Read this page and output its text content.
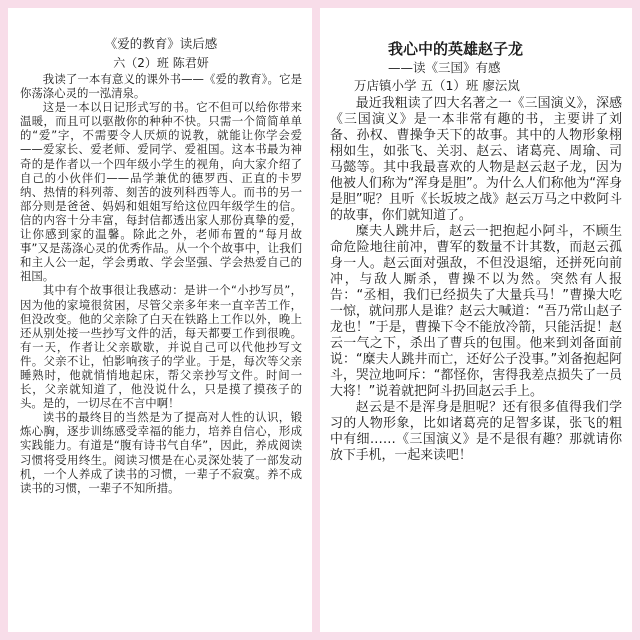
《爱的教育》读后感
六（2）班 陈君妍

我读了一本有意义的课外书——《爱的教育》。它是你荡涤心灵的一泓清泉。

这是一本以日记形式写的书。它不但可以给你带来温暖，而且可以驱散你的种种不快。只需一个简简单单的“爱”字，不需要令人厌烦的说教，就能让你学会爱——爱家长、爱老师、爱同学、爱祖国。这本书最为神奇的是作者以一个四年级小学生的视角，向大家介绍了自己的小伙伴们——品学兼优的德罗西、正直的卡罗纳、热情的科列蒂、刻苦的波列科西等人。而书的另一部分则是爸爸、妈妈和姐姐写给这位四年级学生的信。信的内容十分丰富，每封信都透出家人那份真挚的爱，让你感到家的温馨。除此之外，老师布置的“每月故事”又是荡涤心灵的优秀作品。从一个个故事中，让我们和主人公一起，学会勇敢、学会坚强、学会热爱自己的祖国。

其中有个故事很让我感动：是讲一个“小抄写员”，因为他的家境很贫困，尽管父亲多年来一直辛苦工作，但没改变。他的父亲除了白天在铁路上工作以外，晚上还从别处接一些抄写文件的活，每天都要工作到很晚。有一天，作者让父亲歇歇，并说自己可以代他抄写文件。父亲不让，怕影响孩子的学业。于是，每次等父亲睡熟时，他就悄悄地起床，帮父亲抄写文件。时间一长，父亲就知道了，他没说什么，只是摸了摸孩子的头。是的，一切尽在不言中啊！

读书的最终目的当然是为了提高对人性的认识，锻炼心胸，逐步训练感受幸福的能力，培养自信心，形成实践能力。有道是“腹有诗书气自华”，因此，养成阅读习惯将受用终生。阅读习惯是在心灵深处装了一部发动机，一个人养成了读书的习惯，一辈子不寂寞。养不成读书的习惯，一辈子不知所措。

我心中的英雄赵子龙
——读《三国》有感
万店镇小学 五（1）班 廖沄岚

最近我粗读了四大名著之一《三国演义》，深感《三国演义》是一本非常有趣的书，主要讲了刘备、孙权、曹操争天下的故事。其中的人物形象栩栩如生，如张飞、关羽、赵云、诸葛亮、周瑜、司马懿等。其中我最喜欢的人物是赵云赵子龙，因为他被人们称为“浑身是胆”。为什么人们称他为“浑身是胆”呢？且听《长坂坡之战》赵云万马之中救阿斗的故事，你们就知道了。

糜夫人跳井后，赵云一把抱起小阿斗，不顾生命危险地往前冲，曹军的数量不计其数，而赵云孤身一人。赵云面对强敌，不但没退缩，还拼死向前冲，与敌人厮杀，曹操不以为然。突然有人报告：“丞相，我们已经损失了大量兵马！”曹操大吃一惊，就问那人是谁？赵云大喊道：“吾乃常山赵子龙也！”于是，曹操下令不能放冷箭，只能活捉！赵云一气之下，杀出了曹兵的包围。他来到刘备面前说：“糜夫人跳井而亡，还好公子没事。”刘备抱起阿斗，哭泣地呵斥：“都怪你，害得我差点损失了一员大将！”说着就把阿斗扔回赵云手上。

赵云是不是浑身是胆呢？还有很多值得我们学习的人物形象，比如诸葛亮的足智多谋，张飞的粗中有细……《三国演义》是不是很有趣？那就请你放下手机，一起来读吧！
